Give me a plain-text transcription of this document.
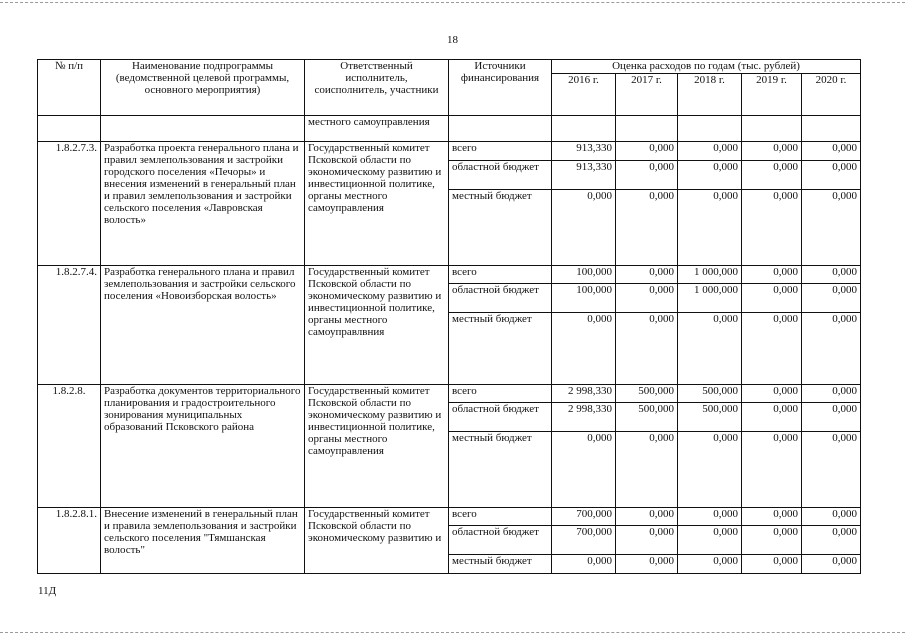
18
№ п/п	Наименование подпрограммы (ведомственной целевой программы, основного мероприятия)	Ответственный исполнитель, соисполнитель, участники	Источники финансирования	Оценка расходов по годам (тыс. рублей)				
				2016 г.	2017 г.	2018 г.	2019 г.	2020 г.
		местного самоуправления						
1.8.2.7.3.	Разработка проекта генерального плана и правил землепользования и застройки городского поселения «Печоры» и внесения изменений в генеральный план и правил землепользования и застройки сельского поселения «Лавровская волость»	Государственный комитет Псковской области по экономическому развитию и инвестиционной политике, органы местного самоуправления	всего	913,330	0,000	0,000	0,000	0,000
			областной бюджет	913,330	0,000	0,000	0,000	0,000
			местный бюджет	0,000	0,000	0,000	0,000	0,000
1.8.2.7.4.	Разработка генерального плана и правил землепользования и застройки сельского поселения «Новоизборская волость»	Государственный комитет Псковской области по экономическому развитию и инвестиционной политике, органы местного самоуправлвния	всего	100,000	0,000	1 000,000	0,000	0,000
			областной бюджет	100,000	0,000	1 000,000	0,000	0,000
			местный бюджет	0,000	0,000	0,000	0,000	0,000
1.8.2.8.	Разработка документов территориального планирования и градостроительного зонирования муниципальных образований Псковского района	Государственный комитет Псковской области по экономическому развитию и инвестиционной политике, органы местного самоуправления	всего	2 998,330	500,000	500,000	0,000	0,000
			областной бюджет	2 998,330	500,000	500,000	0,000	0,000
			местный бюджет	0,000	0,000	0,000	0,000	0,000
1.8.2.8.1.	Внесение изменений в генеральный план и правила землепользования и застройки сельского поселения "Тямшанская волость"	Государственный комитет Псковской области по экономическому развитию и	всего	700,000	0,000	0,000	0,000	0,000
			областной бюджет	700,000	0,000	0,000	0,000	0,000
			местный бюджет	0,000	0,000	0,000	0,000	0,000
11Д
